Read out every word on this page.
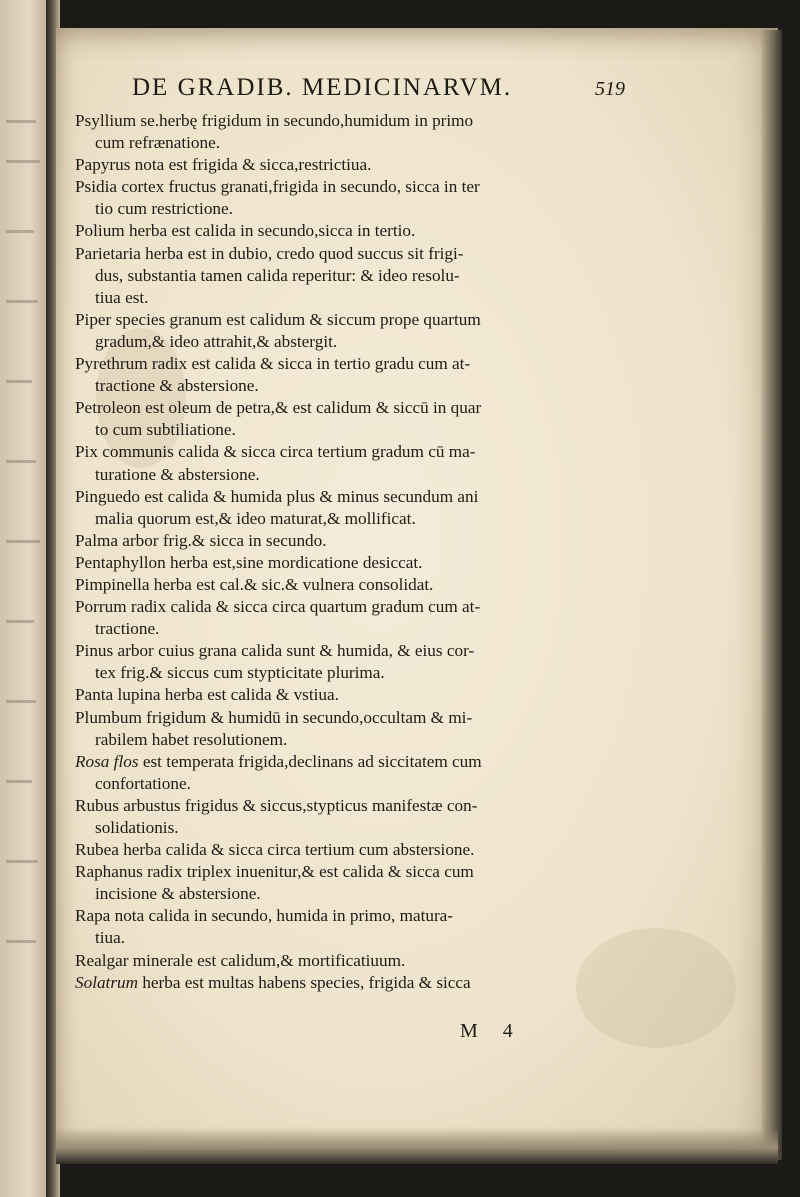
DE GRADIB. MEDICINARVM.	519
Psyllium se.herbę frigidum in secundo,humidum in primo
cum refrænatione.
Papyrus nota est frigida & sicca,restrictiua.
Psidia cortex fructus granati,frigida in secundo, sicca in ter
tio cum restrictione.
Polium herba est calida in secundo,sicca in tertio.
Parietaria herba est in dubio, credo quod succus sit frigi-
dus, substantia tamen calida reperitur: & ideo resolu-
tiua est.
Piper species granum est calidum & siccum prope quartum
gradum,& ideo attrahit,& abstergit.
Pyrethrum radix est calida & sicca in tertio gradu cum at-
tractione & abstersione.
Petroleon est oleum de petra,& est calidum & siccū in quar
to cum subtiliatione.
Pix communis calida & sicca circa tertium gradum cū ma-
turatione & abstersione.
Pinguedo est calida & humida plus & minus secundum ani
malia quorum est,& ideo maturat,& mollificat.
Palma arbor frig.& sicca in secundo.
Pentaphyllon herba est,sine mordicatione desiccat.
Pimpinella herba est cal.& sic.& vulnera consolidat.
Porrum radix calida & sicca circa quartum gradum cum at-
tractione.
Pinus arbor cuius grana calida sunt & humida, & eius cor-
tex frig.& siccus cum stypticitate plurima.
Panta lupina herba est calida & vstiua.
Plumbum frigidum & humidū in secundo,occultam & mi-
rabilem habet resolutionem.
Rosa flos est temperata frigida,declinans ad siccitatem cum
confortatione.
Rubus arbustus frigidus & siccus,stypticus manifestæ con-
solidationis.
Rubea herba calida & sicca circa tertium cum abstersione.
Raphanus radix triplex inuenitur,& est calida & sicca cum
incisione & abstersione.
Rapa nota calida in secundo, humida in primo, matura-
tiua.
Realgar minerale est calidum,& mortificatiuum.
Solatrum herba est multas habens species, frigida & sicca
M 4
